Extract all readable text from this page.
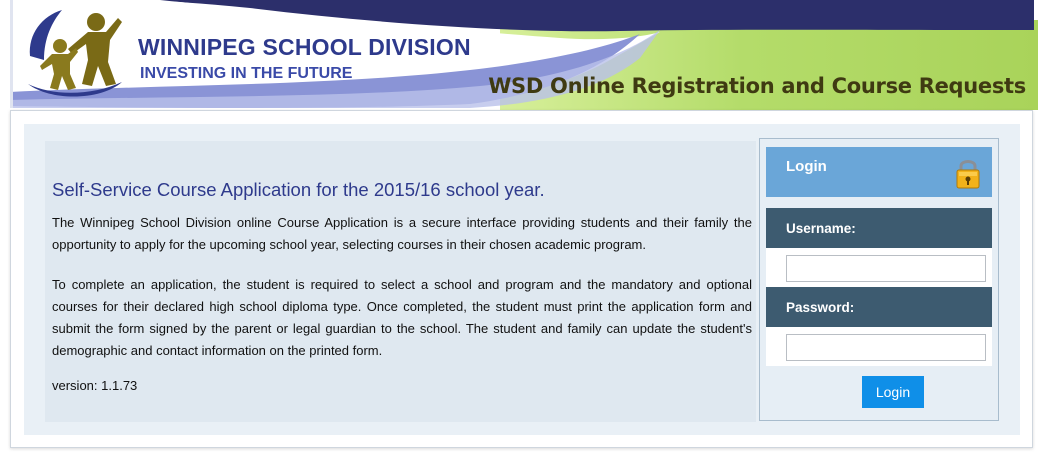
WINNIPEG SCHOOL DIVISION
INVESTING IN THE FUTURE
WSD Online Registration and Course Requests
Self-Service Course Application for the 2015/16 school year.

The Winnipeg School Division online Course Application is a secure interface providing students and their family the opportunity to apply for the upcoming school year, selecting courses in their chosen academic program.

To complete an application, the student is required to select a school and program and the mandatory and optional courses for their declared high school diploma type. Once completed, the student must print the application form and submit the form signed by the parent or legal guardian to the school. The student and family can update the student's demographic and contact information on the printed form.

version: 1.1.73
Login
Username:
Password:
Login
